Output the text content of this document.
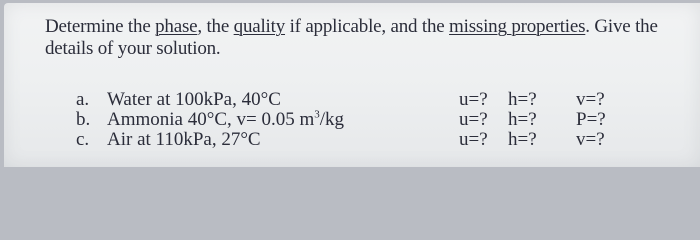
Determine the phase, the quality if applicable, and the missing properties. Give the details of your solution.

a. Water at 100kPa, 40°C	u=? h=? v=?
b. Ammonia 40°C, v= 0.05 $m^3/kg$	u=? h=? P=?
c. Air at 110kPa, 27°C	u=? h=? v=?
